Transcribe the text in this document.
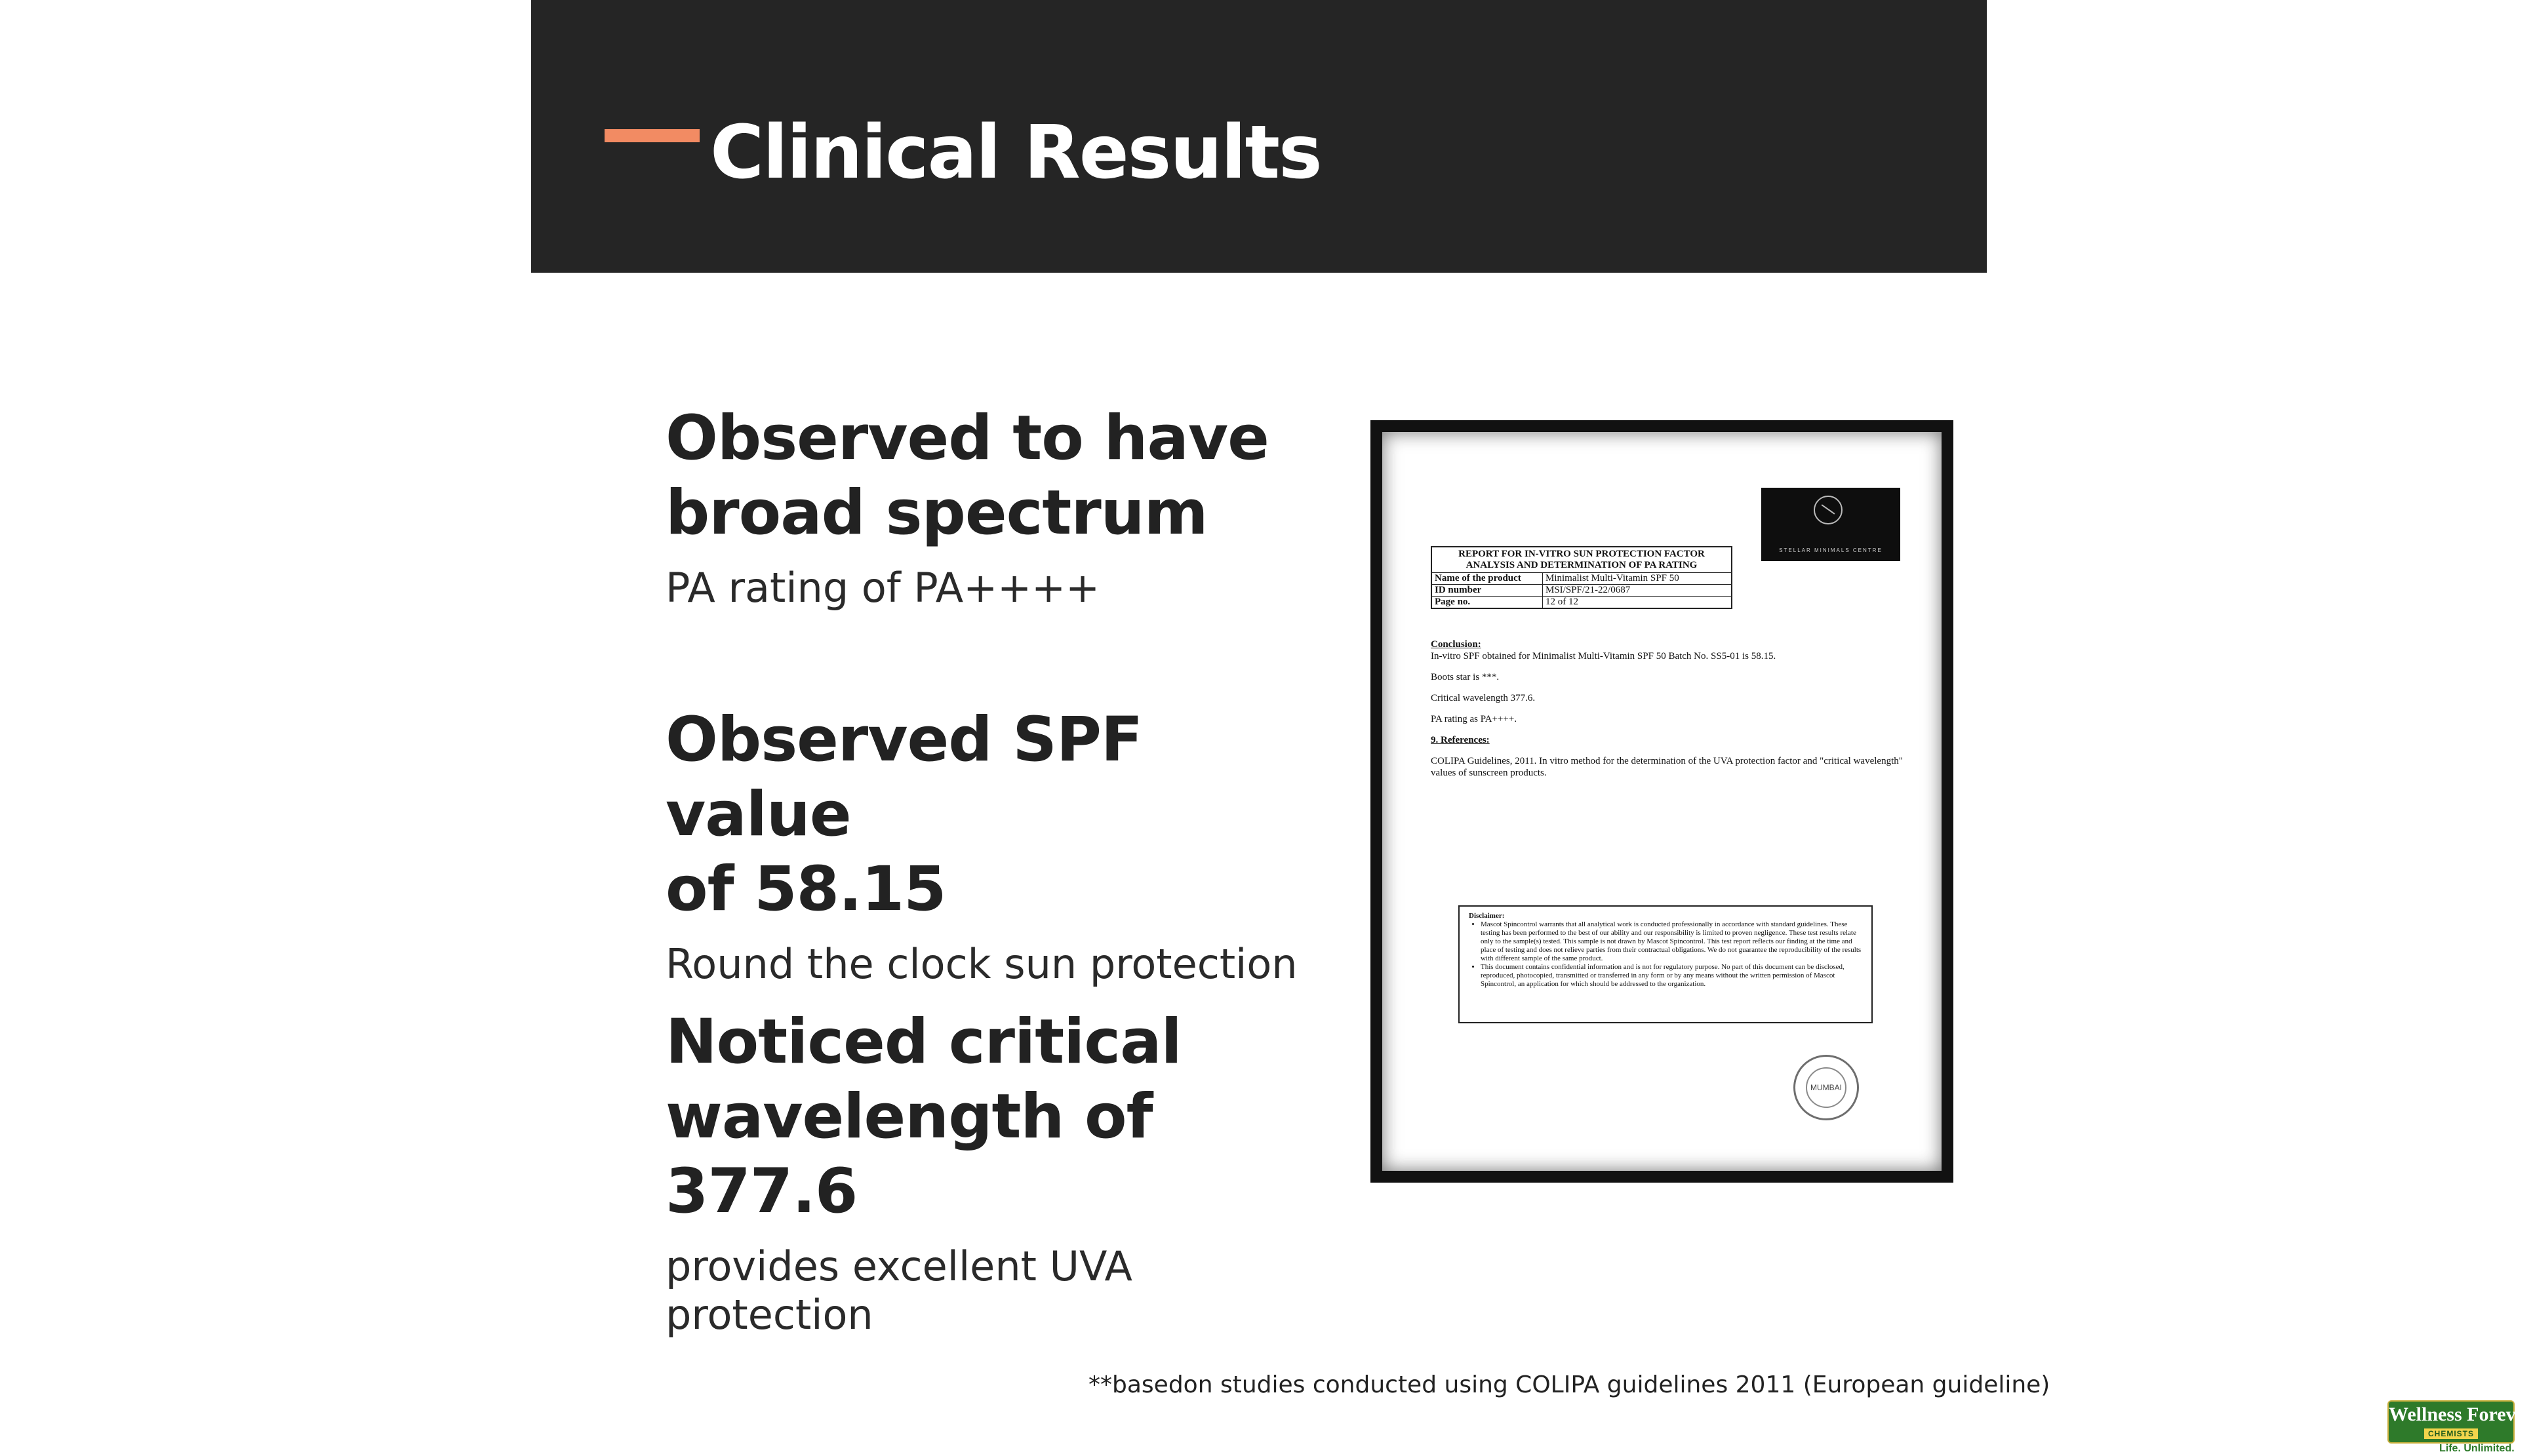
Clinical Results
Observed to have
broad spectrum

PA rating of PA++++

Observed SPF value
of 58.15

Round the clock sun protection

Noticed critical
wavelength of 377.6

provides excellent UVA protection

STELLAR MINIMALS CENTRE
REPORT FOR IN-VITRO SUN PROTECTION FACTOR
ANALYSIS AND DETERMINATION OF PA RATING
Name of the product	Minimalist Multi-Vitamin SPF 50
ID number	MSI/SPF/21-22/0687
Page no.	12 of 12

Conclusion:

In-vitro SPF obtained for Minimalist Multi-Vitamin SPF 50 Batch No. SS5-01 is 58.15.

Boots star is ***.

Critical wavelength 377.6.

PA rating as PA++++.

9. References:

COLIPA Guidelines, 2011. In vitro method for the determination of the UVA protection factor and "critical wavelength" values of sunscreen products.

Disclaimer:
• Mascot Spincontrol warrants that all analytical work is conducted professionally in accordance with standard guidelines. These testing has been performed to the best of our ability and our responsibility is limited to proven negligence. These test results relate only to the sample(s) tested. This sample is not drawn by Mascot Spincontrol. This test report reflects our finding at the time and place of testing and does not relieve parties from their contractual obligations. We do not guarantee the reproducibility of the results with different sample of the same product.
• This document contains confidential information and is not for regulatory purpose. No part of this document can be disclosed, reproduced, photocopied, transmitted or transferred in any form or by any means without the written permission of Mascot Spincontrol, an application for which should be addressed to the organization.
MUMBAI
**basedon studies conducted using COLIPA guidelines 2011 (European guideline)
Wellness Forever
CHEMISTS
Life. Unlimited.
